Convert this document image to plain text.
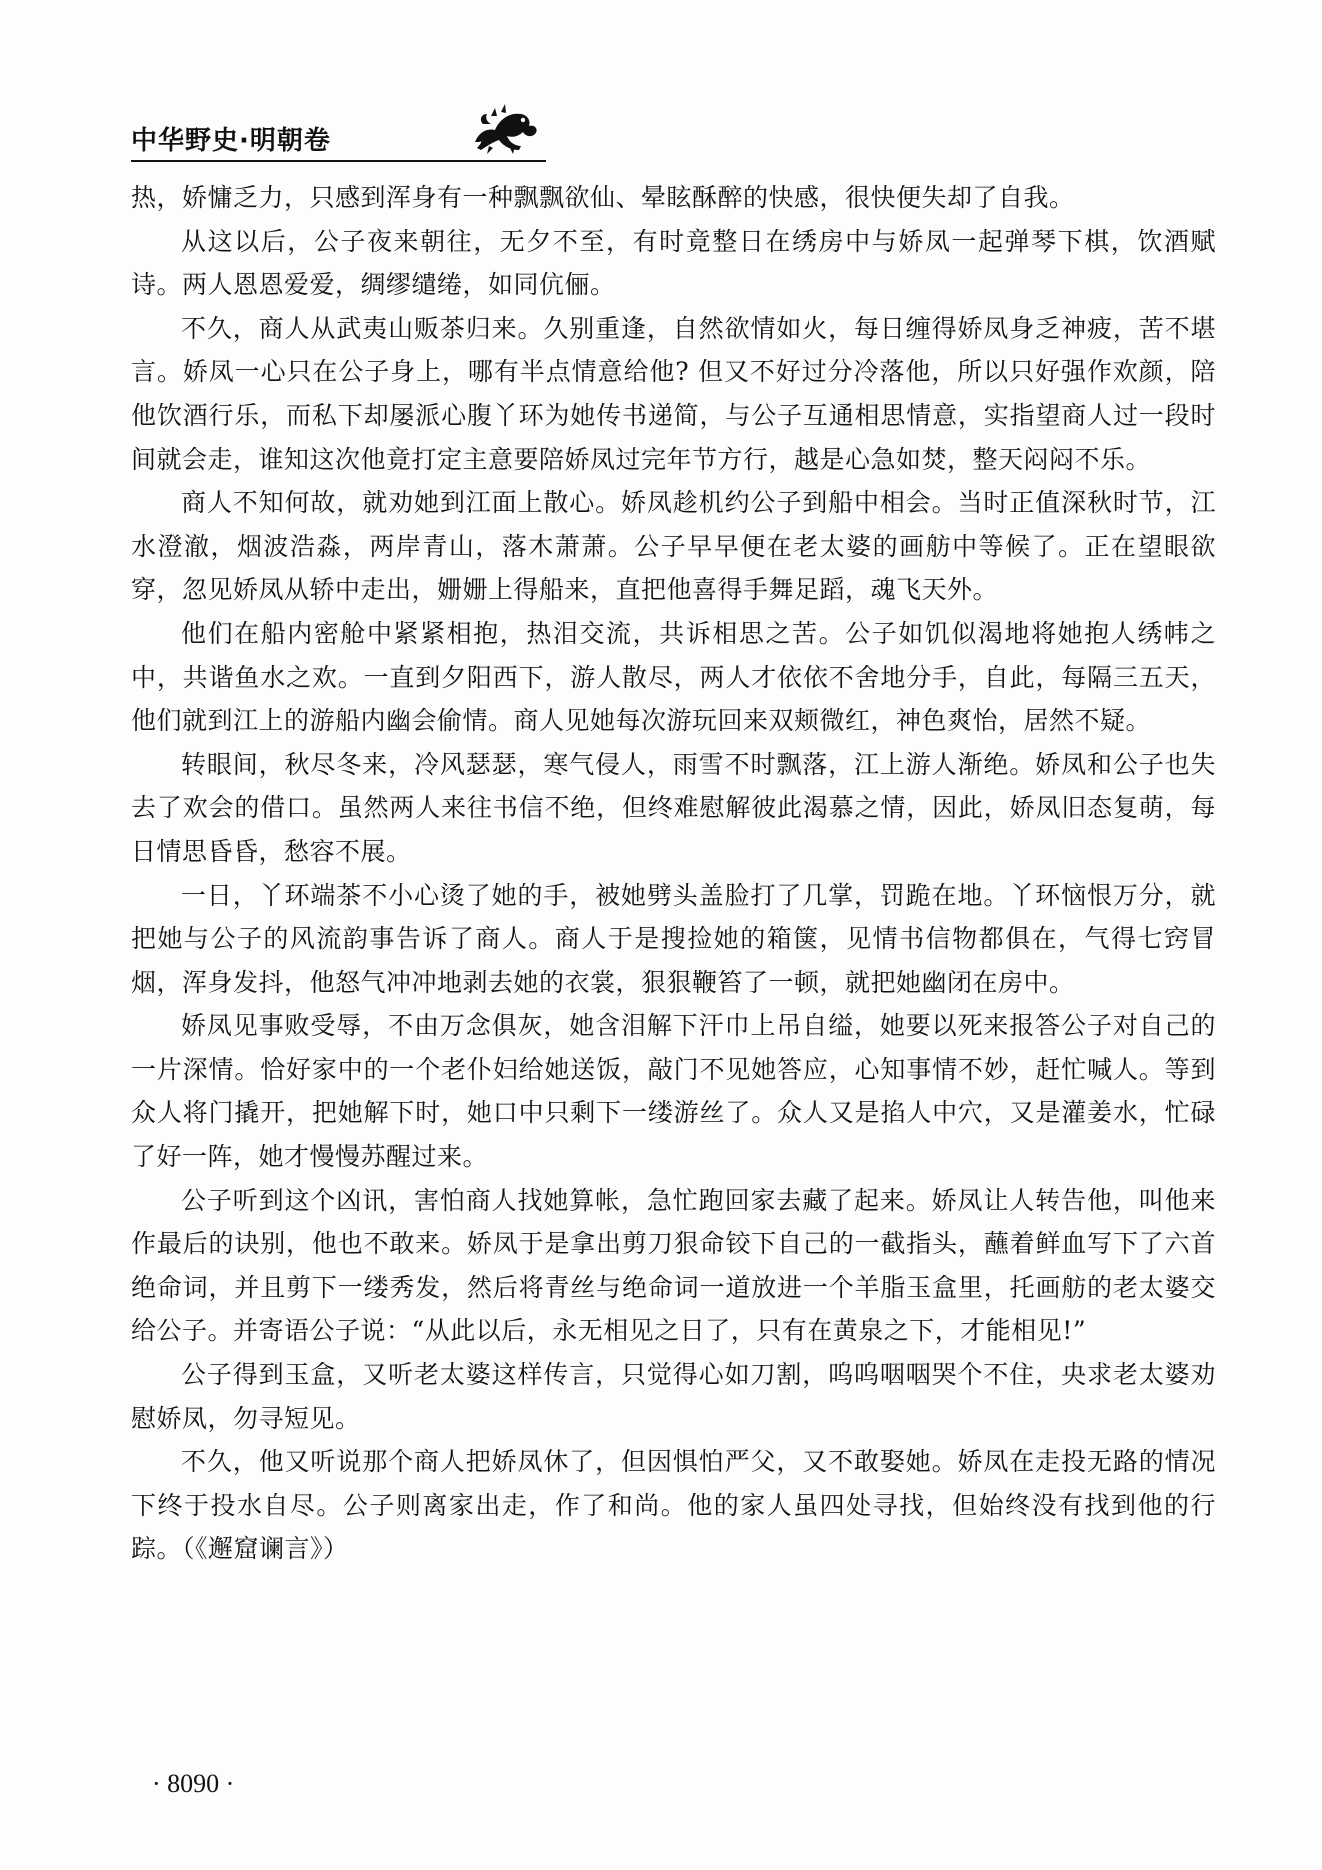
中华野史·明朝卷

热，娇慵乏力，只感到浑身有一种飘飘欲仙、晕眩酥醉的快感，很快便失却了自我。

从这以后，公子夜来朝往，无夕不至，有时竟整日在绣房中与娇凤一起弹琴下棋，饮酒赋诗。两人恩恩爱爱，绸缪缱绻，如同伉俪。

不久，商人从武夷山贩茶归来。久别重逢，自然欲情如火，每日缠得娇凤身乏神疲，苦不堪言。娇凤一心只在公子身上，哪有半点情意给他? 但又不好过分冷落他，所以只好强作欢颜，陪他饮酒行乐，而私下却屡派心腹丫环为她传书递简，与公子互通相思情意，实指望商人过一段时间就会走，谁知这次他竟打定主意要陪娇凤过完年节方行，越是心急如焚，整天闷闷不乐。

商人不知何故，就劝她到江面上散心。娇凤趁机约公子到船中相会。当时正值深秋时节，江水澄澈，烟波浩淼，两岸青山，落木萧萧。公子早早便在老太婆的画舫中等候了。正在望眼欲穿，忽见娇凤从轿中走出，姗姗上得船来，直把他喜得手舞足蹈，魂飞天外。

他们在船内密舱中紧紧相抱，热泪交流，共诉相思之苦。公子如饥似渴地将她抱人绣帏之中，共谐鱼水之欢。一直到夕阳西下，游人散尽，两人才依依不舍地分手，自此，每隔三五天，他们就到江上的游船内幽会偷情。商人见她每次游玩回来双颊微红，神色爽怡，居然不疑。

转眼间，秋尽冬来，冷风瑟瑟，寒气侵人，雨雪不时飘落，江上游人渐绝。娇凤和公子也失去了欢会的借口。虽然两人来往书信不绝，但终难慰解彼此渴慕之情，因此，娇凤旧态复萌，每日情思昏昏，愁容不展。

一日，丫环端茶不小心烫了她的手，被她劈头盖脸打了几掌，罚跪在地。丫环恼恨万分，就把她与公子的风流韵事告诉了商人。商人于是搜捡她的箱箧，见情书信物都俱在，气得七窍冒烟，浑身发抖，他怒气冲冲地剥去她的衣裳，狠狠鞭笞了一顿，就把她幽闭在房中。

娇凤见事败受辱，不由万念俱灰，她含泪解下汗巾上吊自缢，她要以死来报答公子对自己的一片深情。恰好家中的一个老仆妇给她送饭，敲门不见她答应，心知事情不妙，赶忙喊人。等到众人将门撬开，把她解下时，她口中只剩下一缕游丝了。众人又是掐人中穴，又是灌姜水，忙碌了好一阵，她才慢慢苏醒过来。

公子听到这个凶讯，害怕商人找她算帐，急忙跑回家去藏了起来。娇凤让人转告他，叫他来作最后的诀别，他也不敢来。娇凤于是拿出剪刀狠命铰下自己的一截指头，蘸着鲜血写下了六首绝命词，并且剪下一缕秀发，然后将青丝与绝命词一道放进一个羊脂玉盒里，托画舫的老太婆交给公子。并寄语公子说：“从此以后，永无相见之日了，只有在黄泉之下，才能相见!”

公子得到玉盒，又听老太婆这样传言，只觉得心如刀割，呜呜咽咽哭个不住，央求老太婆劝慰娇凤，勿寻短见。

不久，他又听说那个商人把娇凤休了，但因惧怕严父，又不敢娶她。娇凤在走投无路的情况下终于投水自尽。公子则离家出走，作了和尚。他的家人虽四处寻找，但始终没有找到他的行踪。（《邂窟谰言》）

· 8090 ·
